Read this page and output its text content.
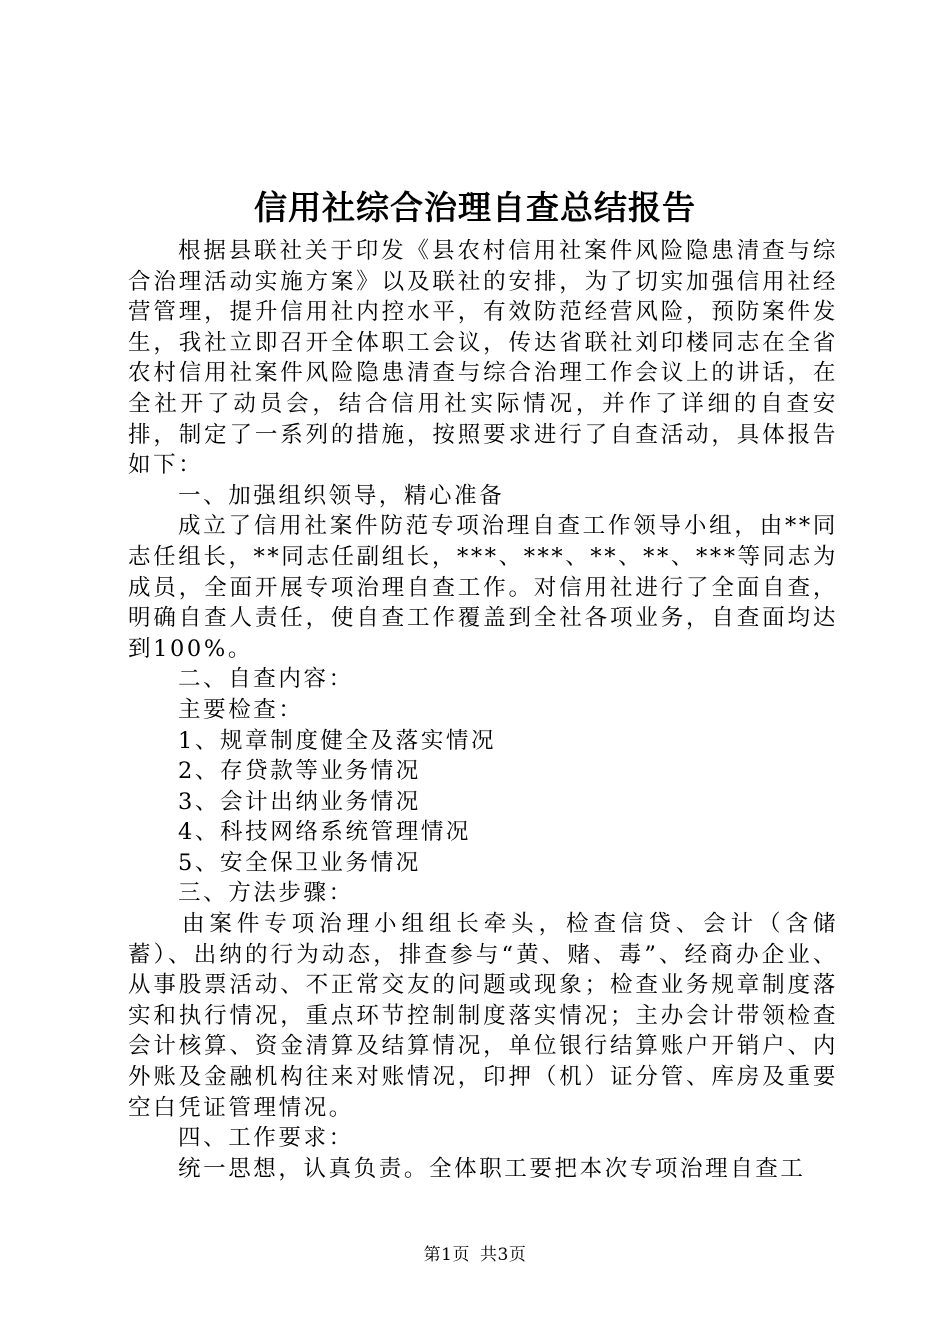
信用社综合治理自查总结报告

根据县联社关于印发《县农村信用社案件风险隐患清查与综合治理活动实施方案》以及联社的安排，为了切实加强信用社经营管理，提升信用社内控水平，有效防范经营风险，预防案件发生，我社立即召开全体职工会议，传达省联社刘印楼同志在全省农村信用社案件风险隐患清查与综合治理工作会议上的讲话，在全社开了动员会，结合信用社实际情况，并作了详细的自查安排，制定了一系列的措施，按照要求进行了自查活动，具体报告如下：

一、加强组织领导，精心准备

成立了信用社案件防范专项治理自查工作领导小组，由**同志任组长，**同志任副组长，***、***、**、**、***等同志为成员，全面开展专项治理自查工作。对信用社进行了全面自查，明确自查人责任，使自查工作覆盖到全社各项业务，自查面均达到100%。

二、自查内容：

主要检查：

1、规章制度健全及落实情况

2、存贷款等业务情况

3、会计出纳业务情况

4、科技网络系统管理情况

5、安全保卫业务情况

三、方法步骤：

由案件专项治理小组组长牵头，检查信贷、会计（含储蓄）、出纳的行为动态，排查参与“黄、赌、毒”、经商办企业、从事股票活动、不正常交友的问题或现象；检查业务规章制度落实和执行情况，重点环节控制制度落实情况；主办会计带领检查会计核算、资金清算及结算情况，单位银行结算账户开销户、内外账及金融机构往来对账情况，印押（机）证分管、库房及重要空白凭证管理情况。

四、工作要求：

统一思想，认真负责。全体职工要把本次专项治理自查工

第1页 共3页
